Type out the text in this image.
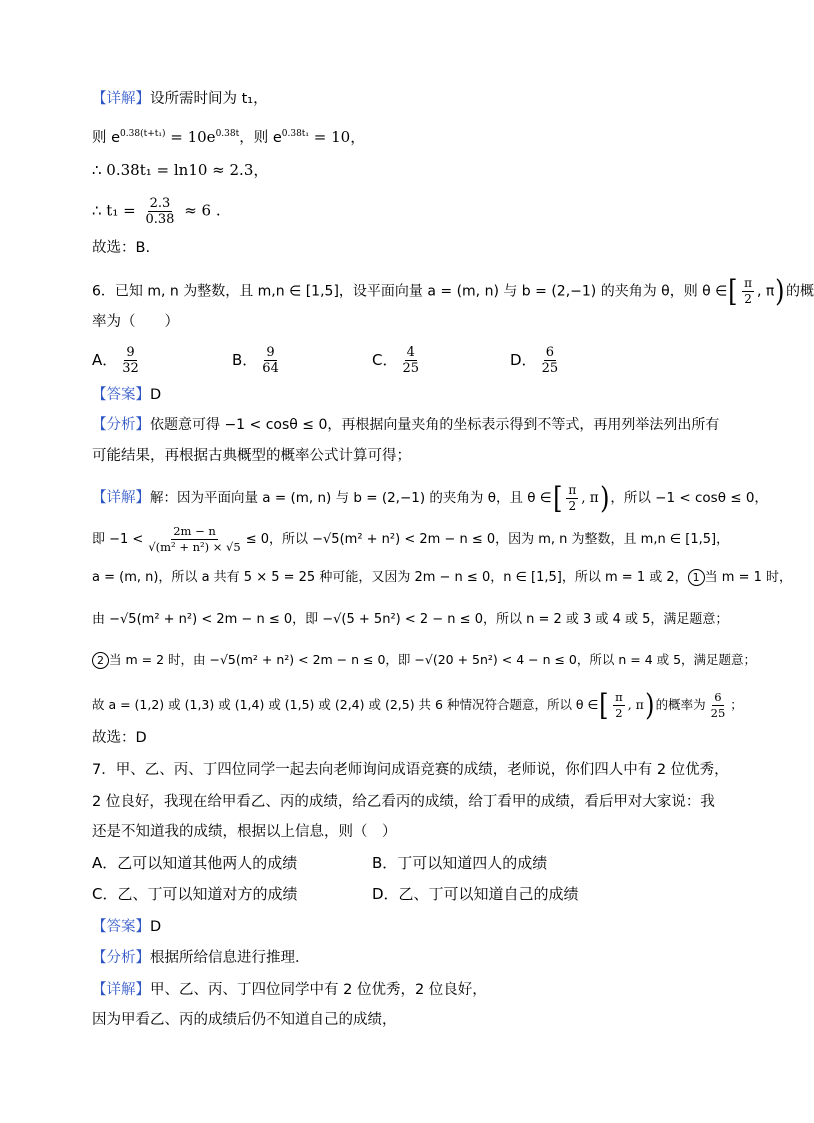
【详解】设所需时间为 t₁，
则 $e^{0.38(t+t_1)} = 10e^{0.38t}$，则 $e^{0.38t_1} = 10$，
∴ 0.38t₁ = ln10 ≈ 2.3，
∴ $t_1 = \frac{2.3}{0.38} \approx 6$ .
故选：B.
6．已知 m, n 为整数，且 m,n ∈ [1,5]，设平面向量 a = (m, n) 与 b = (2,−1) 的夹角为 θ，则 θ ∈[ $\frac{\pi}{2}$ , π)的概
率为（　　）
A． $\frac{9}{32}$	B． $\frac{9}{64}$	C． $\frac{4}{25}$	D． $\frac{6}{25}$
【答案】D
【分析】依题意可得 −1 < cosθ ≤ 0，再根据向量夹角的坐标表示得到不等式，再用列举法列出所有
可能结果，再根据古典概型的概率公式计算可得；
【详解】解：因为平面向量 a = (m, n) 与 b = (2,−1) 的夹角为 θ，且 θ ∈[ $\frac{\pi}{2}$ , π)，所以 −1 < cosθ ≤ 0，
即 $-1 < \frac{2m - n}{\text{√(m² + n²) × √5}} \le 0$，所以 −√5(m² + n²) < 2m − n ≤ 0，因为 m, n 为整数，且 m,n ∈ [1,5]，
a = (m, n)，所以 a 共有 5 × 5 = 25 种可能，又因为 2m − n ≤ 0，n ∈ [1,5]，所以 m = 1 或 2， 1 当 m = 1 时，
由 −√5(m² + n²) < 2m − n ≤ 0，即 −√(5 + 5n²) < 2 − n ≤ 0，所以 n = 2 或 3 或 4 或 5，满足题意；
2 当 m = 2 时，由 −√5(m² + n²) < 2m − n ≤ 0，即 −√(20 + 5n²) < 4 − n ≤ 0，所以 n = 4 或 5，满足题意；
故 a = (1,2) 或 (1,3) 或 (1,4) 或 (1,5) 或 (2,4) 或 (2,5) 共 6 种情况符合题意，所以 θ ∈[ $\frac{\pi}{2}$ , π)的概率为 $\frac{6}{25}$ ；
故选：D
7．甲、乙、丙、丁四位同学一起去向老师询问成语竞赛的成绩，老师说，你们四人中有 2 位优秀，
2 位良好，我现在给甲看乙、丙的成绩，给乙看丙的成绩，给丁看甲的成绩，看后甲对大家说：我
还是不知道我的成绩，根据以上信息，则（　）
A．乙可以知道其他两人的成绩	B．丁可以知道四人的成绩
C．乙、丁可以知道对方的成绩	D．乙、丁可以知道自己的成绩
【答案】D
【分析】根据所给信息进行推理．
【详解】甲、乙、丙、丁四位同学中有 2 位优秀，2 位良好，
因为甲看乙、丙的成绩后仍不知道自己的成绩，
